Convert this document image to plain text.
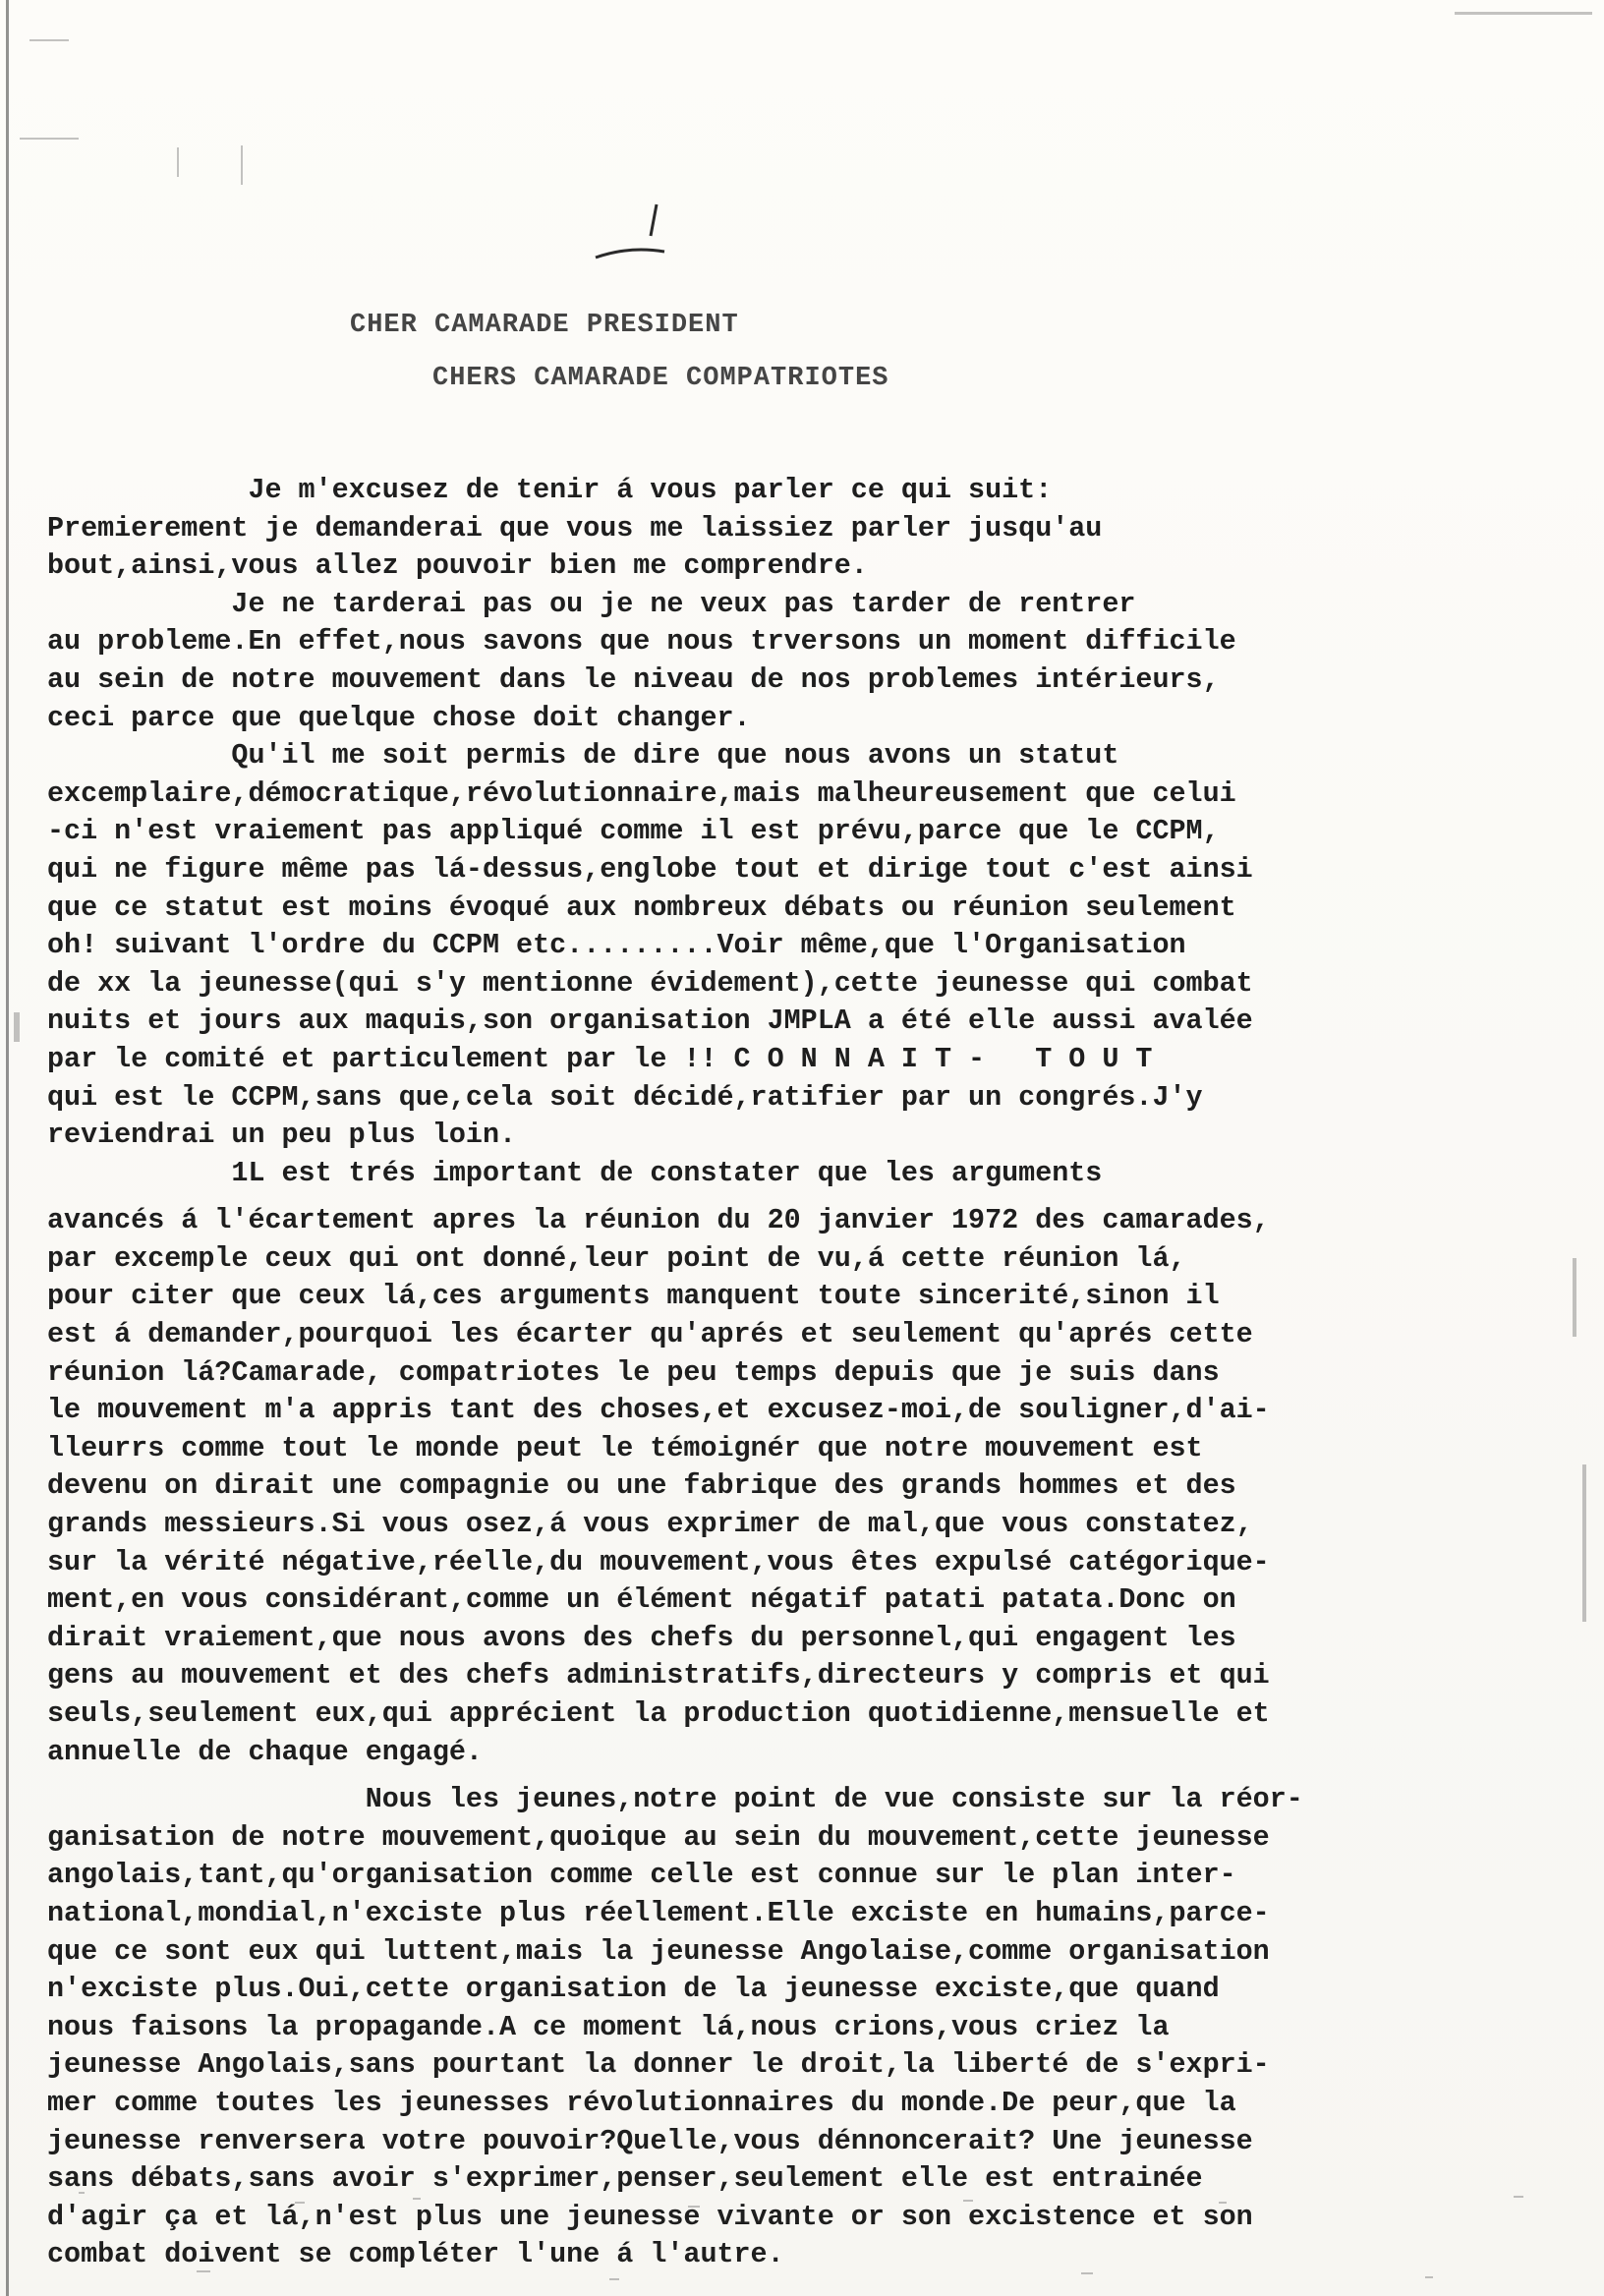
CHER CAMARADE PRESIDENT
CHERS CAMARADE COMPATRIOTES
Je m'excusez de tenir á vous parler ce qui suit:
Premierement je demanderai que vous me laissiez parler jusqu'au
bout,ainsi,vous allez pouvoir bien me comprendre.
Je ne tarderai pas ou je ne veux pas tarder de rentrer
au probleme.En effet,nous savons que nous trversons un moment difficile
au sein de notre mouvement dans le niveau de nos problemes intérieurs,
ceci parce que quelque chose doit changer.
Qu'il me soit permis de dire que nous avons un statut
excemplaire,démocratique,révolutionnaire,mais malheureusement que celui
-ci n'est vraiement pas appliqué comme il est prévu,parce que le CCPM,
qui ne figure même pas lá-dessus,englobe tout et dirige tout c'est ainsi
que ce statut est moins évoqué aux nombreux débats ou réunion seulement
oh! suivant l'ordre du CCPM etc.........Voir même,que l'Organisation
de xx la jeunesse(qui s'y mentionne évidement),cette jeunesse qui combat
nuits et jours aux maquis,son organisation JMPLA a été elle aussi avalée
par le comité et particulement par le !! C O N N A I T -   T O U T
qui est le CCPM,sans que,cela soit décidé,ratifier par un congrés.J'y
reviendrai un peu plus loin.
1L est trés important de constater que les arguments
avancés á l'écartement apres la réunion du 20 janvier 1972 des camarades,
par excemple ceux qui ont donné,leur point de vu,á cette réunion lá,
pour citer que ceux lá,ces arguments manquent toute sincerité,sinon il
est á demander,pourquoi les écarter qu'aprés et seulement qu'aprés cette
réunion lá?Camarade, compatriotes le peu temps depuis que je suis dans
le mouvement m'a appris tant des choses,et excusez-moi,de souligner,d'ai-
lleurrs comme tout le monde peut le témoignér que notre mouvement est
devenu on dirait une compagnie ou une fabrique des grands hommes et des
grands messieurs.Si vous osez,á vous exprimer de mal,que vous constatez,
sur la vérité négative,réelle,du mouvement,vous êtes expulsé catégorique-
ment,en vous considérant,comme un élément négatif patati patata.Donc on
dirait vraiement,que nous avons des chefs du personnel,qui engagent les
gens au mouvement et des chefs administratifs,directeurs y compris et qui
seuls,seulement eux,qui apprécient la production quotidienne,mensuelle et
annuelle de chaque engagé.
Nous les jeunes,notre point de vue consiste sur la réor-
ganisation de notre mouvement,quoique au sein du mouvement,cette jeunesse
angolais,tant,qu'organisation comme celle est connue sur le plan inter-
national,mondial,n'exciste plus réellement.Elle exciste en humains,parce-
que ce sont eux qui luttent,mais la jeunesse Angolaise,comme organisation
n'exciste plus.Oui,cette organisation de la jeunesse exciste,que quand
nous faisons la propagande.A ce moment lá,nous crions,vous criez la
jeunesse Angolais,sans pourtant la donner le droit,la liberté de s'expri-
mer comme toutes les jeunesses révolutionnaires du monde.De peur,que la
jeunesse renversera votre pouvoir?Quelle,vous dénnoncerait? Une jeunesse
sans débats,sans avoir s'exprimer,penser,seulement elle est entrainée
d'agir ça et lá,n'est plus une jeunesse vivante or son excistence et son
combat doivent se compléter l'une á l'autre.
